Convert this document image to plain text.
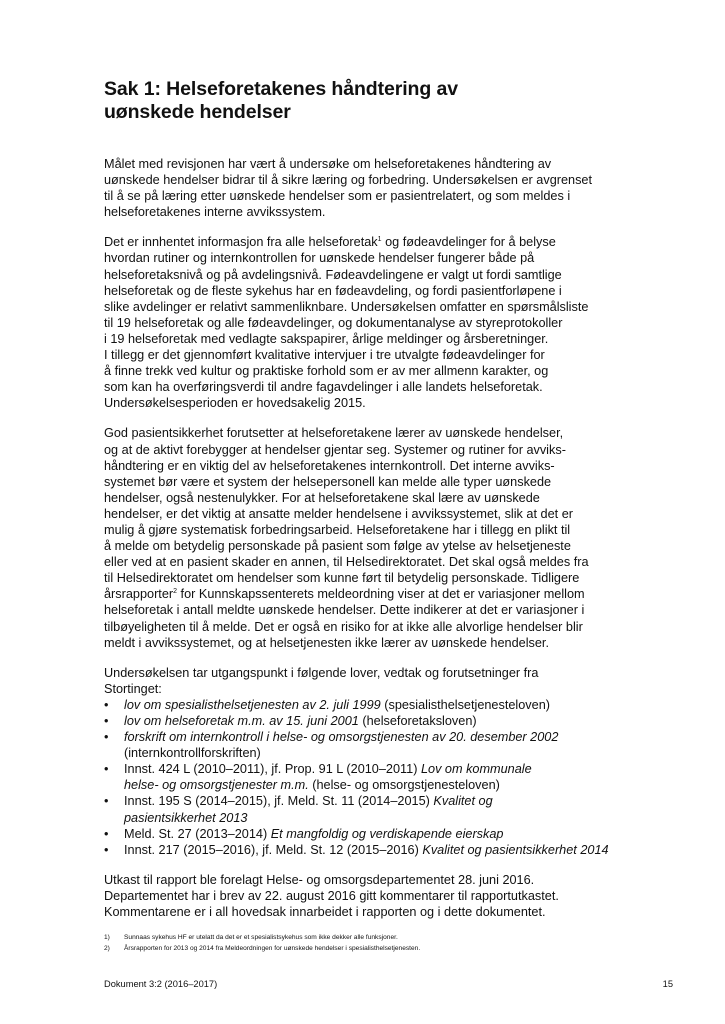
Sak 1: Helseforetakenes håndtering av
uønskede hendelser
Målet med revisjonen har vært å undersøke om helseforetakenes håndtering av
uønskede hendelser bidrar til å sikre læring og forbedring. Undersøkelsen er avgrenset
til å se på læring etter uønskede hendelser som er pasientrelatert, og som meldes i
helseforetakenes interne avvikssystem.
Det er innhentet informasjon fra alle helseforetak$^1$ og fødeavdelinger for å belyse
hvordan rutiner og internkontrollen for uønskede hendelser fungerer både på
helseforetaksnivå og på avdelingsnivå. Fødeavdelingene er valgt ut fordi samtlige
helseforetak og de fleste sykehus har en fødeavdeling, og fordi pasientforløpene i
slike avdelinger er relativt sammenliknbare. Undersøkelsen omfatter en spørsmålsliste
til 19 helseforetak og alle fødeavdelinger, og dokumentanalyse av styreprotokoller
i 19 helseforetak med vedlagte sakspapirer, årlige meldinger og årsberetninger.
I tillegg er det gjennomført kvalitative intervjuer i tre utvalgte fødeavdelinger for
å finne trekk ved kultur og praktiske forhold som er av mer allmenn karakter, og
som kan ha overføringsverdi til andre fagavdelinger i alle landets helseforetak.
Undersøkelsesperioden er hovedsakelig 2015.
God pasientsikkerhet forutsetter at helseforetakene lærer av uønskede hendelser,
og at de aktivt forebygger at hendelser gjentar seg. Systemer og rutiner for avviks-
håndtering er en viktig del av helseforetakenes internkontroll. Det interne avviks-
systemet bør være et system der helsepersonell kan melde alle typer uønskede
hendelser, også nestenulykker. For at helseforetakene skal lære av uønskede
hendelser, er det viktig at ansatte melder hendelsene i avvikssystemet, slik at det er
mulig å gjøre systematisk forbedringsarbeid. Helseforetakene har i tillegg en plikt til
å melde om betydelig personskade på pasient som følge av ytelse av helsetjeneste
eller ved at en pasient skader en annen, til Helsedirektoratet. Det skal også meldes fra
til Helsedirektoratet om hendelser som kunne ført til betydelig personskade. Tidligere
årsrapporter$^2$ for Kunnskapssenterets meldeordning viser at det er variasjoner mellom
helseforetak i antall meldte uønskede hendelser. Dette indikerer at det er variasjoner i
tilbøyeligheten til å melde. Det er også en risiko for at ikke alle alvorlige hendelser blir
meldt i avvikssystemet, og at helsetjenesten ikke lærer av uønskede hendelser.
Undersøkelsen tar utgangspunkt i følgende lover, vedtak og forutsetninger fra
Stortinget:
• lov om spesialisthelsetjenesten av 2. juli 1999 (spesialisthelsetjenesteloven)
• lov om helseforetak m.m. av 15. juni 2001 (helseforetaksloven)
• forskrift om internkontroll i helse- og omsorgstjenesten av 20. desember 2002
(internkontrollforskriften)
• Innst. 424 L (2010–2011), jf. Prop. 91 L (2010–2011) Lov om kommunale
helse- og omsorgstjenester m.m. (helse- og omsorgstjenesteloven)
• Innst. 195 S (2014–2015), jf. Meld. St. 11 (2014–2015) Kvalitet og
pasientsikkerhet 2013
• Meld. St. 27 (2013–2014) Et mangfoldig og verdiskapende eierskap
• Innst. 217 (2015–2016), jf. Meld. St. 12 (2015–2016) Kvalitet og pasientsikkerhet 2014
Utkast til rapport ble forelagt Helse- og omsorgsdepartementet 28. juni 2016.
Departementet har i brev av 22. august 2016 gitt kommentarer til rapportutkastet.
Kommentarene er i all hovedsak innarbeidet i rapporten og i dette dokumentet.
1) Sunnaas sykehus HF er utelatt da det er et spesialistsykehus som ikke dekker alle funksjoner.
2) Årsrapporten for 2013 og 2014 fra Meldeordningen for uønskede hendelser i spesialisthelsetjenesten.
Dokument 3:2 (2016–2017)	15
